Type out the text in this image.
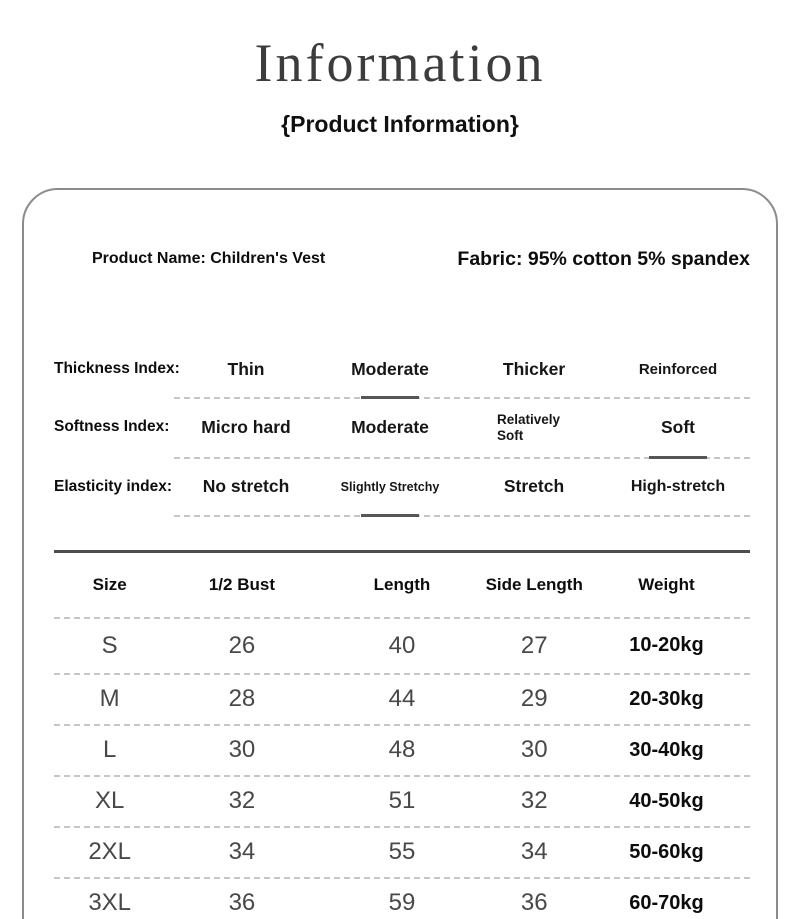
Information
{Product Information}
Product Name: Children's Vest	Fabric: 95% cotton 5% spandex
Thickness Index:	Thin	Moderate	Thicker	Reinforced
Softness Index:	Micro hard	Moderate	Relatively Soft	Soft
Elasticity index:	No stretch	Slightly Stretchy	Stretch	High-stretch
Size	1/2 Bust	Length	Side Length	Weight
S	26	40	27	10-20kg
M	28	44	29	20-30kg
L	30	48	30	30-40kg
XL	32	51	32	40-50kg
2XL	34	55	34	50-60kg
3XL	36	59	36	60-70kg
